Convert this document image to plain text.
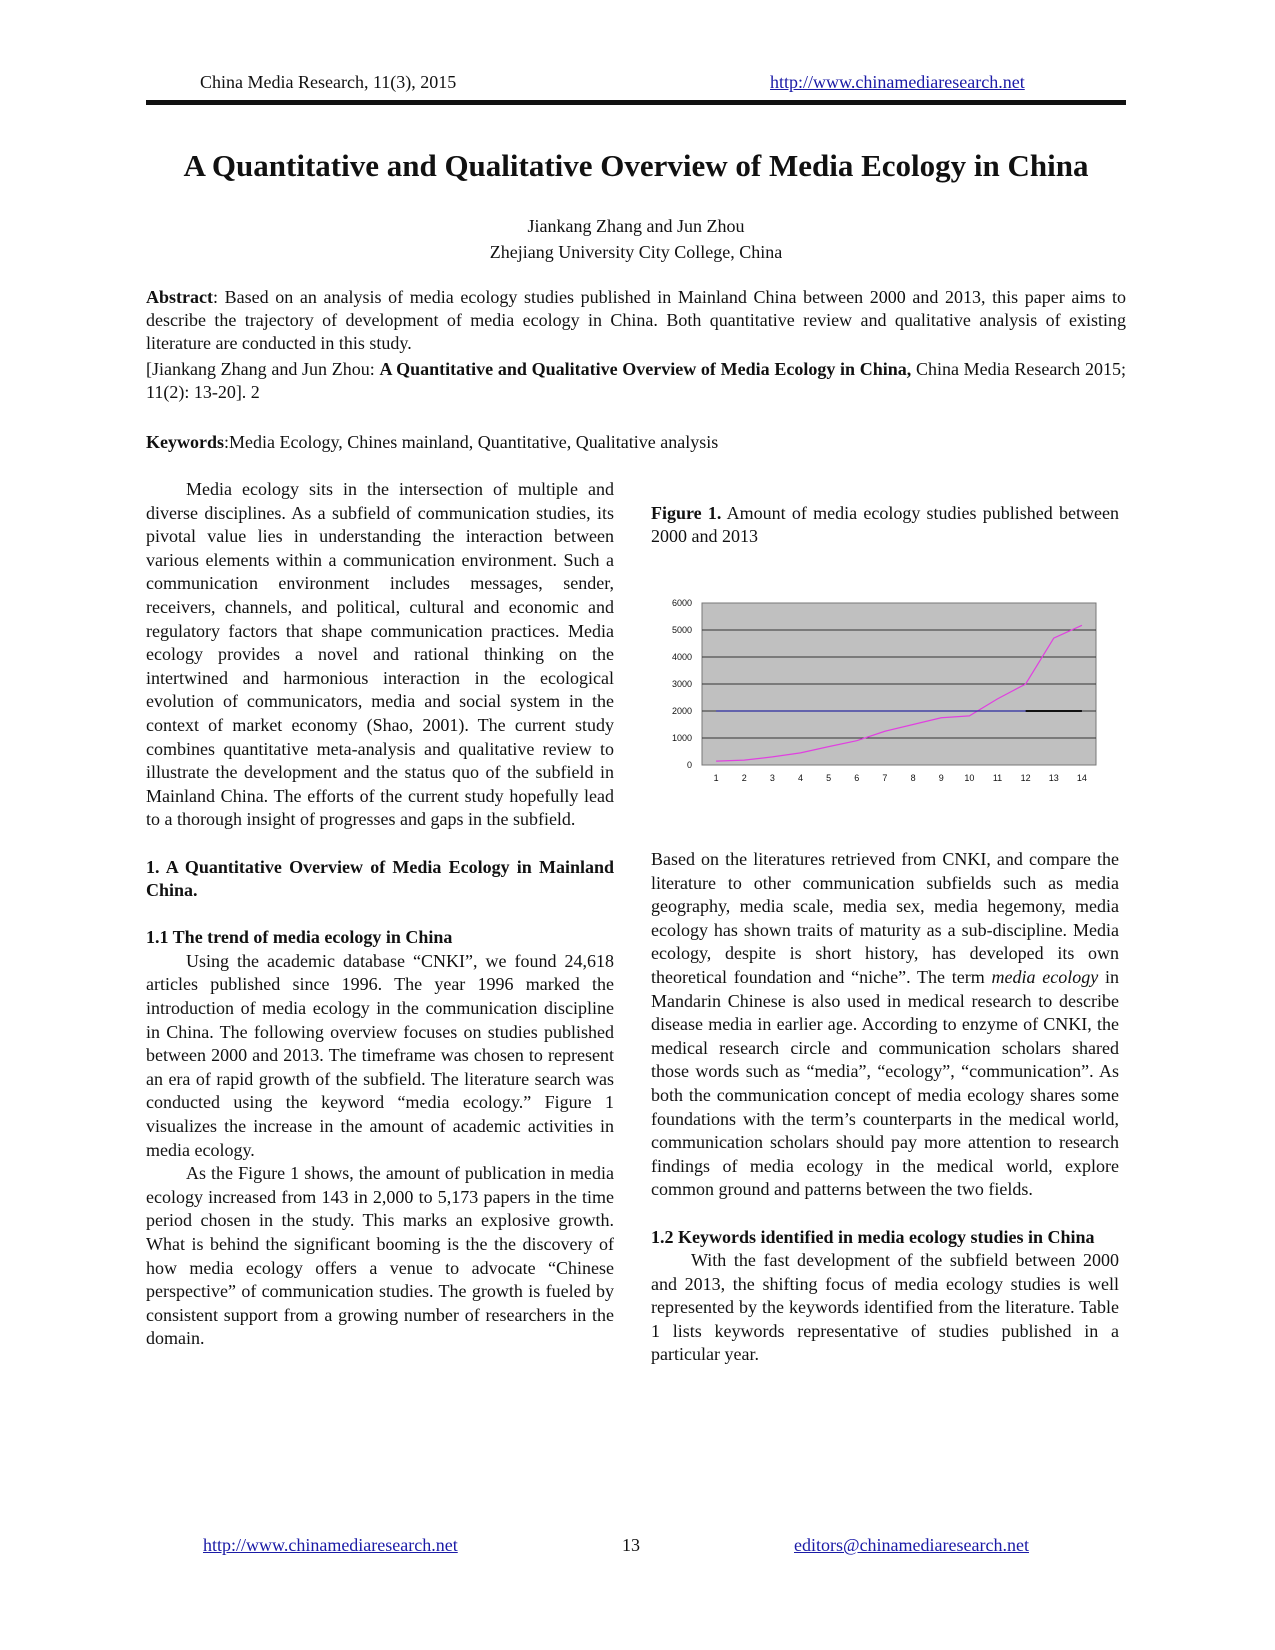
China Media Research, 11(3), 2015	http://www.chinamediaresearch.net
A Quantitative and Qualitative Overview of Media Ecology in China
Jiankang Zhang and Jun Zhou
Zhejiang University City College, China
Abstract: Based on an analysis of media ecology studies published in Mainland China between 2000 and 2013, this paper aims to describe the trajectory of development of media ecology in China. Both quantitative review and qualitative analysis of existing literature are conducted in this study.
[Jiankang Zhang and Jun Zhou: A Quantitative and Qualitative Overview of Media Ecology in China, China Media Research 2015; 11(2): 13-20]. 2
Keywords:Media Ecology, Chines mainland, Quantitative, Qualitative analysis

Media ecology sits in the intersection of multiple and diverse disciplines. As a subfield of communication studies, its pivotal value lies in understanding the interaction between various elements within a communication environment. Such a communication environment includes messages, sender, receivers, channels, and political, cultural and economic and regulatory factors that shape communication practices. Media ecology provides a novel and rational thinking on the intertwined and harmonious interaction in the ecological evolution of communicators, media and social system in the context of market economy (Shao, 2001). The current study combines quantitative meta-analysis and qualitative review to illustrate the development and the status quo of the subfield in Mainland China. The efforts of the current study hopefully lead to a thorough insight of progresses and gaps in the subfield.

1. A Quantitative Overview of Media Ecology in Mainland China.

1.1 The trend of media ecology in China

Using the academic database “CNKI”, we found 24,618 articles published since 1996. The year 1996 marked the introduction of media ecology in the communication discipline in China. The following overview focuses on studies published between 2000 and 2013. The timeframe was chosen to represent an era of rapid growth of the subfield. The literature search was conducted using the keyword “media ecology.” Figure 1 visualizes the increase in the amount of academic activities in media ecology.

As the Figure 1 shows, the amount of publication in media ecology increased from 143 in 2,000 to 5,173 papers in the time period chosen in the study. This marks an explosive growth. What is behind the significant booming is the the discovery of how media ecology offers a venue to advocate “Chinese perspective” of communication studies. The growth is fueled by consistent support from a growing number of researchers in the domain.

Figure 1. Amount of media ecology studies published between 2000 and 2013
0
1000
2000
3000
4000
5000
6000
1	2	3	4	5	6	7	8	9 10 11 12 13 14

Based on the literatures retrieved from CNKI, and compare the literature to other communication subfields such as media geography, media scale, media sex, media hegemony, media ecology has shown traits of maturity as a sub-discipline. Media ecology, despite is short history, has developed its own theoretical foundation and “niche”. The term media ecology in Mandarin Chinese is also used in medical research to describe disease media in earlier age. According to enzyme of CNKI, the medical research circle and communication scholars shared those words such as “media”, “ecology”, “communication”. As both the communication concept of media ecology shares some foundations with the term’s counterparts in the medical world, communication scholars should pay more attention to research findings of media ecology in the medical world, explore common ground and patterns between the two fields.

1.2 Keywords identified in media ecology studies in China

With the fast development of the subfield between 2000 and 2013, the shifting focus of media ecology studies is well represented by the keywords identified from the literature. Table 1 lists keywords representative of studies published in a particular year.

http://www.chinamediaresearch.net	13	editors@chinamediaresearch.net
